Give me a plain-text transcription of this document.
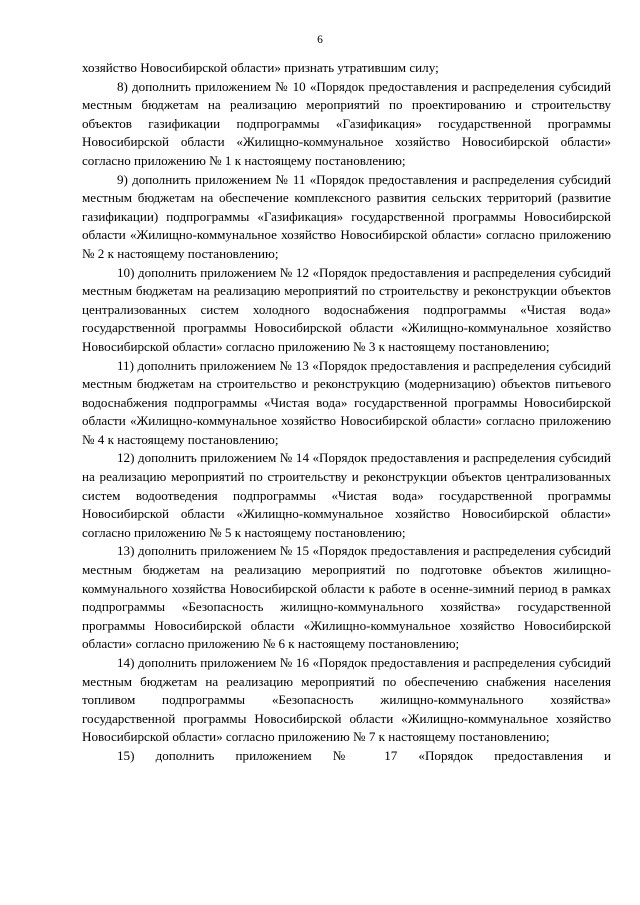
6

хозяйство Новосибирской области» признать утратившим силу;

8) дополнить приложением № 10 «Порядок предоставления и распределения субсидий местным бюджетам на реализацию мероприятий по проектированию и строительству объектов газификации подпрограммы «Газификация» государственной программы Новосибирской области «Жилищно-коммунальное хозяйство Новосибирской области» согласно приложению № 1 к настоящему постановлению;

9) дополнить приложением № 11 «Порядок предоставления и распределения субсидий местным бюджетам на обеспечение комплексного развития сельских территорий (развитие газификации) подпрограммы «Газификация» государственной программы Новосибирской области «Жилищно-коммунальное хозяйство Новосибирской области» согласно приложению № 2 к настоящему постановлению;

10) дополнить приложением № 12 «Порядок предоставления и распределения субсидий местным бюджетам на реализацию мероприятий по строительству и реконструкции объектов централизованных систем холодного водоснабжения подпрограммы «Чистая вода» государственной программы Новосибирской области «Жилищно-коммунальное хозяйство Новосибирской области» согласно приложению № 3 к настоящему постановлению;

11) дополнить приложением № 13 «Порядок предоставления и распределения субсидий местным бюджетам на строительство и реконструкцию (модернизацию) объектов питьевого водоснабжения подпрограммы «Чистая вода» государственной программы Новосибирской области «Жилищно-коммунальное хозяйство Новосибирской области» согласно приложению № 4 к настоящему постановлению;

12) дополнить приложением № 14 «Порядок предоставления и распределения субсидий на реализацию мероприятий по строительству и реконструкции объектов централизованных систем водоотведения подпрограммы «Чистая вода» государственной программы Новосибирской области «Жилищно-коммунальное хозяйство Новосибирской области» согласно приложению № 5 к настоящему постановлению;

13) дополнить приложением № 15 «Порядок предоставления и распределения субсидий местным бюджетам на реализацию мероприятий по подготовке объектов жилищно-коммунального хозяйства Новосибирской области к работе в осенне-зимний период в рамках подпрограммы «Безопасность жилищно-коммунального хозяйства» государственной программы Новосибирской области «Жилищно-коммунальное хозяйство Новосибирской области» согласно приложению № 6 к настоящему постановлению;

14) дополнить приложением № 16 «Порядок предоставления и распределения субсидий местным бюджетам на реализацию мероприятий по обеспечению снабжения населения топливом подпрограммы «Безопасность жилищно-коммунального хозяйства» государственной программы Новосибирской области «Жилищно-коммунальное хозяйство Новосибирской области» согласно приложению № 7 к настоящему постановлению;

15) дополнить приложением № 17 «Порядок предоставления и
